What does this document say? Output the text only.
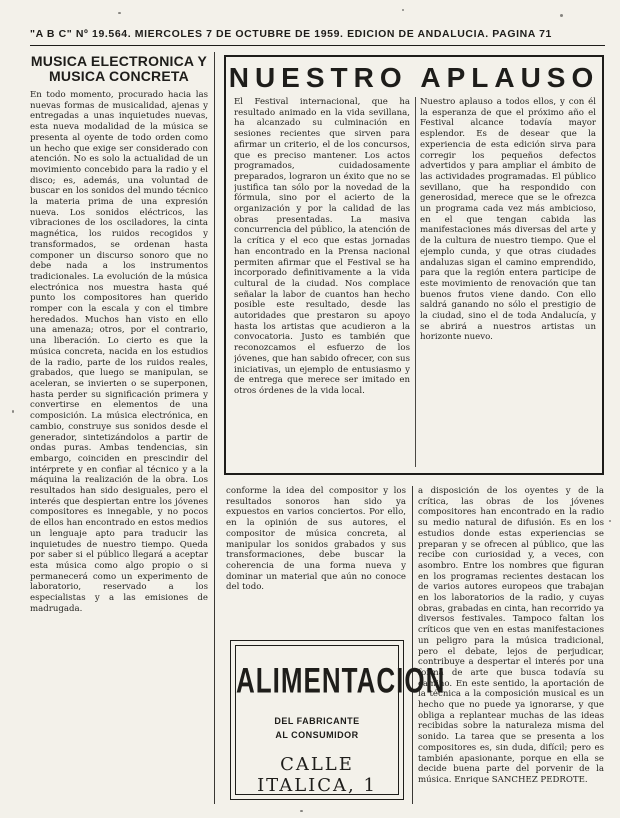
"A B C" Nº 19.564. MIERCOLES 7 DE OCTUBRE DE 1959. EDICION DE ANDALUCIA. PAGINA 71
MUSICA ELECTRONICA Y MUSICA CONCRETA

En todo momento, procurado hacia las nuevas formas de musicalidad, ajenas y entregadas a unas inquietudes nuevas, esta nueva modalidad de la música se presenta al oyente de todo orden como un hecho que exige ser considerado con atención. No es solo la actualidad de un movimiento concebido para la radio y el disco; es, además, una voluntad de buscar en los sonidos del mundo técnico la materia prima de una expresión nueva. Los sonidos eléctricos, las vibraciones de los osciladores, la cinta magnética, los ruidos recogidos y transformados, se ordenan hasta componer un discurso sonoro que no debe nada a los instrumentos tradicionales. La evolución de la música electrónica nos muestra hasta qué punto los compositores han querido romper con la escala y con el timbre heredados. Muchos han visto en ello una amenaza; otros, por el contrario, una liberación. Lo cierto es que la música concreta, nacida en los estudios de la radio, parte de los ruidos reales, grabados, que luego se manipulan, se aceleran, se invierten o se superponen, hasta perder su significación primera y convertirse en elementos de una composición. La música electrónica, en cambio, construye sus sonidos desde el generador, sintetizándolos a partir de ondas puras. Ambas tendencias, sin embargo, coinciden en prescindir del intérprete y en confiar al técnico y a la máquina la realización de la obra. Los resultados han sido desiguales, pero el interés que despiertan entre los jóvenes compositores es innegable, y no pocos de ellos han encontrado en estos medios un lenguaje apto para traducir las inquietudes de nuestro tiempo. Queda por saber si el público llegará a aceptar esta música como algo propio o si permanecerá como un experimento de laboratorio, reservado a los especialistas y a las emisiones de madrugada.

NUESTRO APLAUSO

El Festival internacional, que ha resultado animado en la vida sevillana, ha alcanzado su culminación en sesiones recientes que sirven para afirmar un criterio, el de los concursos, que es preciso mantener. Los actos programados, cuidadosamente preparados, lograron un éxito que no se justifica tan sólo por la novedad de la fórmula, sino por el acierto de la organización y por la calidad de las obras presentadas. La masiva concurrencia del público, la atención de la crítica y el eco que estas jornadas han encontrado en la Prensa nacional permiten afirmar que el Festival se ha incorporado definitivamente a la vida cultural de la ciudad. Nos complace señalar la labor de cuantos han hecho posible este resultado, desde las autoridades que prestaron su apoyo hasta los artistas que acudieron a la convocatoria. Justo es también que reconozcamos el esfuerzo de los jóvenes, que han sabido ofrecer, con sus iniciativas, un ejemplo de entusiasmo y de entrega que merece ser imitado en otros órdenes de la vida local.

Nuestro aplauso a todos ellos, y con él la esperanza de que el próximo año el Festival alcance todavía mayor esplendor. Es de desear que la experiencia de esta edición sirva para corregir los pequeños defectos advertidos y para ampliar el ámbito de las actividades programadas. El público sevillano, que ha respondido con generosidad, merece que se le ofrezca un programa cada vez más ambicioso, en el que tengan cabida las manifestaciones más diversas del arte y de la cultura de nuestro tiempo. Que el ejemplo cunda, y que otras ciudades andaluzas sigan el camino emprendido, para que la región entera participe de este movimiento de renovación que tan buenos frutos viene dando. Con ello saldrá ganando no sólo el prestigio de la ciudad, sino el de toda Andalucía, y se abrirá a nuestros artistas un horizonte nuevo.

conforme la idea del compositor y los resultados sonoros han sido ya expuestos en varios conciertos. Por ello, en la opinión de sus autores, el compositor de música concreta, al manipular los sonidos grabados y sus transformaciones, debe buscar la coherencia de una forma nueva y dominar un material que aún no conoce del todo.

a disposición de los oyentes y de la crítica, las obras de los jóvenes compositores han encontrado en la radio su medio natural de difusión. Es en los estudios donde estas experiencias se preparan y se ofrecen al público, que las recibe con curiosidad y, a veces, con asombro. Entre los nombres que figuran en los programas recientes destacan los de varios autores europeos que trabajan en los laboratorios de la radio, y cuyas obras, grabadas en cinta, han recorrido ya diversos festivales. Tampoco faltan los críticos que ven en estas manifestaciones un peligro para la música tradicional, pero el debate, lejos de perjudicar, contribuye a despertar el interés por una forma de arte que busca todavía su camino. En este sentido, la aportación de la técnica a la composición musical es un hecho que no puede ya ignorarse, y que obliga a replantear muchas de las ideas recibidas sobre la naturaleza misma del sonido. La tarea que se presenta a los compositores es, sin duda, difícil; pero es también apasionante, porque en ella se decide buena parte del porvenir de la música. Enrique SANCHEZ PEDROTE.

ALIMENTACION
DEL FABRICANTE
AL CONSUMIDOR
CALLE ITALICA, 1
